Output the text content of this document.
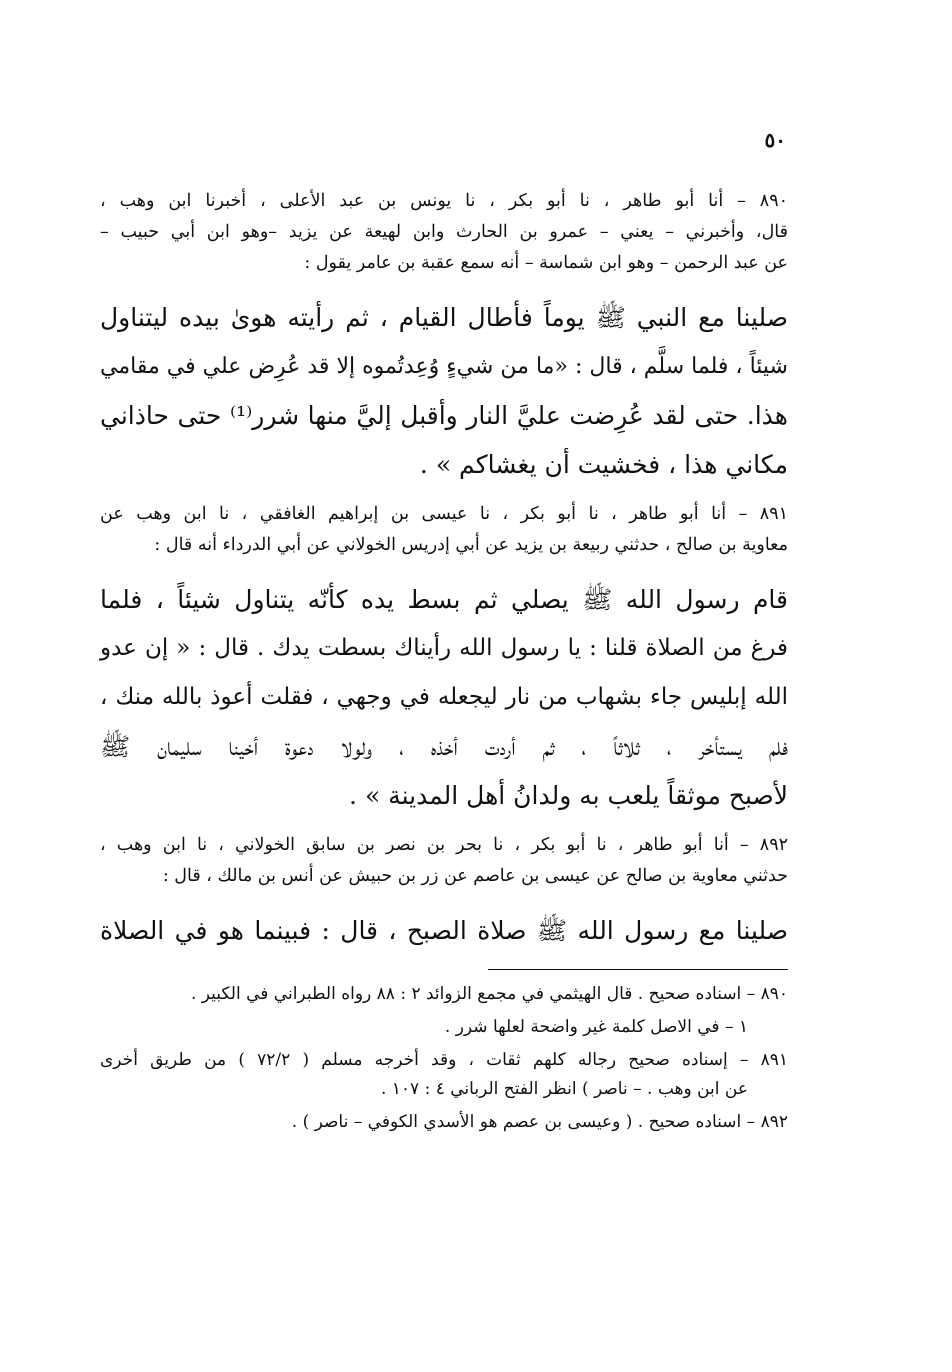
٥٠
٨٩٠ – أنا أبو طاهر ، نا أبو بكر ، نا يونس بن عبد الأعلى ، أخبرنا ابن وهب ،
قال، وأخبرني – يعني – عمرو بن الحارث وابن لهيعة عن يزيد –وهو ابن أبي حبيب –
عن عبد الرحمن – وهو ابن شماسة – أنه سمع عقبة بن عامر يقول :
صلينا مع النبي ﷺ يوماً فأطال القيام ، ثم رأيته هوىٰ بيده ليتناول
شيئاً ، فلما سلَّم ، قال : «ما من شيءٍ وُعِدتُموه إلا قد عُرِض علي في مقامي
هذا. حتى لقد عُرِضت عليَّ النار وأقبل إليَّ منها شرر⁽¹⁾ حتى حاذاني
مكاني هذا ، فخشيت أن يغشاكم » .
٨٩١ – أنا أبو طاهر ، نا أبو بكر ، نا عيسى بن إبراهيم الغافقي ، نا ابن وهب عن
معاوية بن صالح ، حدثني ربيعة بن يزيد عن أبي إدريس الخولاني عن أبي الدرداء أنه قال :
قام رسول الله ﷺ يصلي ثم بسط يده كأنّه يتناول شيئاً ، فلما
فرغ من الصلاة قلنا : يا رسول الله رأيناك بسطت يدك . قال : « إن عدو
الله إبليس جاء بشهاب من نار ليجعله في وجهي ، فقلت أعوذ بالله منك ،
فلم يستأخر ، ثلاثاً ، ثم أردت أخذه ، ولولا دعوة أخينا سليمان ﷺ
لأصبح موثقاً يلعب به ولدانُ أهل المدينة » .
٨٩٢ – أنا أبو طاهر ، نا أبو بكر ، نا بحر بن نصر بن سابق الخولاني ، نا ابن وهب ،
حدثني معاوية بن صالح عن عيسى بن عاصم عن زر بن حبيش عن أنس بن مالك ، قال :
صلينا مع رسول الله ﷺ صلاة الصبح ، قال : فبينما هو في الصلاة
٨٩٠ – اسناده صحيح . قال الهيثمي في مجمع الزوائد ٢ : ٨٨ رواه الطبراني في الكبير .
١ – في الاصل كلمة غير واضحة لعلها شرر .
٨٩١ – إسناده صحيح رجاله كلهم ثقات ، وقد أخرجه مسلم ( ٧٢/٢ ) من طريق أخرى
عن ابن وهب . – ناصر ) انظر الفتح الرباني ٤ : ١٠٧ .
٨٩٢ – اسناده صحيح . ( وعيسى بن عصم هو الأسدي الكوفي – ناصر ) .
